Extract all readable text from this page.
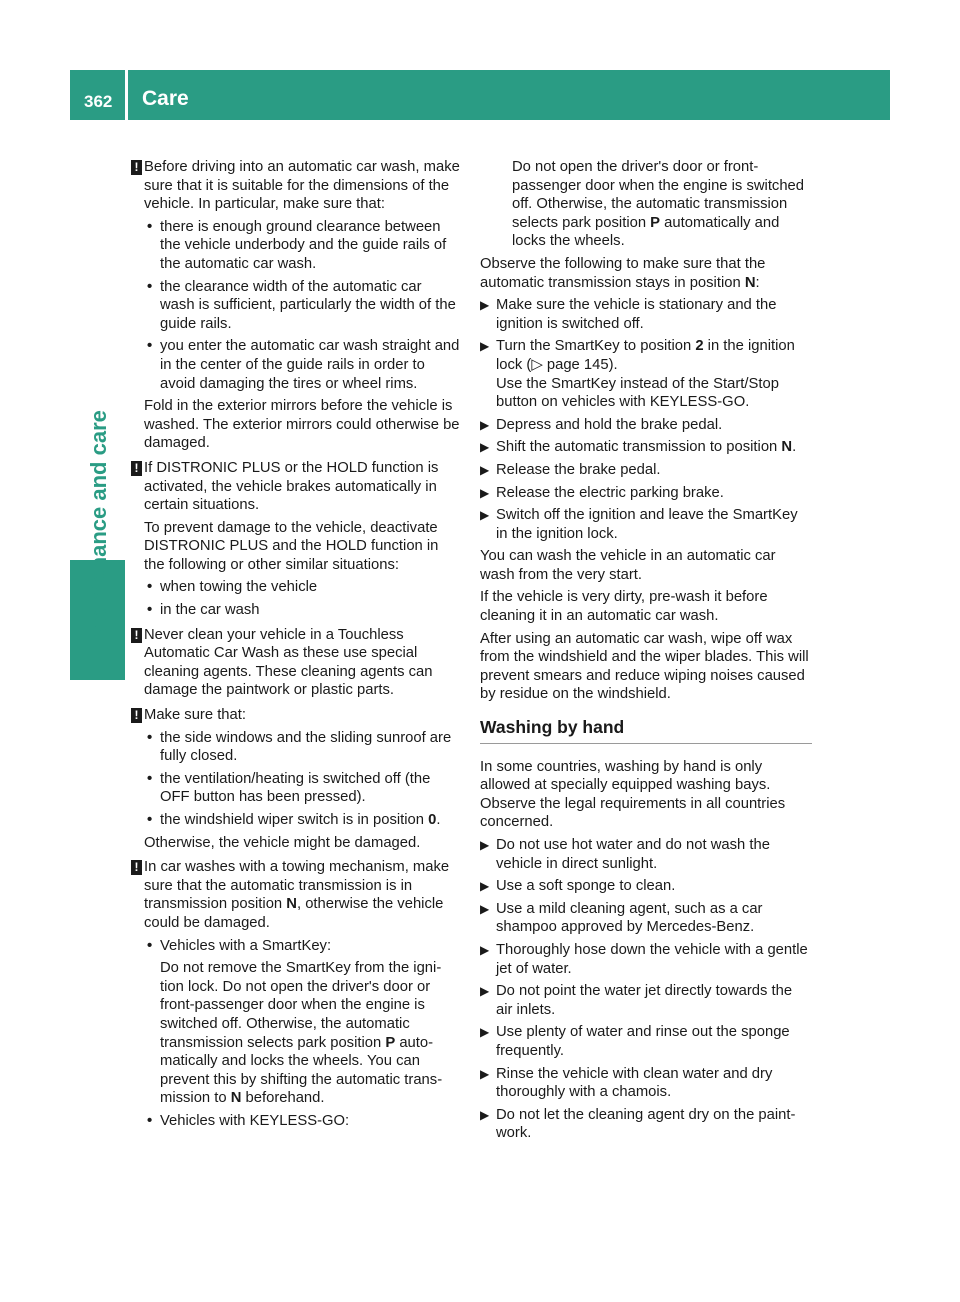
362 Care
Maintenance and care
! Before driving into an automatic car wash, make sure that it is suitable for the dimensions of the vehicle. In particular, make sure that:
• there is enough ground clearance between the vehicle underbody and the guide rails of the automatic car wash.
• the clearance width of the automatic car wash is sufficient, particularly the width of the guide rails.
• you enter the automatic car wash straight and in the center of the guide rails in order to avoid damaging the tires or wheel rims.

Fold in the exterior mirrors before the vehicle is washed. The exterior mirrors could otherwise be damaged.

! If DISTRONIC PLUS or the HOLD function is activated, the vehicle brakes automatically in certain situations.

To prevent damage to the vehicle, deactivate DISTRONIC PLUS and the HOLD function in the following or other similar situations:

• when towing the vehicle
• in the car wash
! Never clean your vehicle in a Touchless Automatic Car Wash as these use special cleaning agents. These cleaning agents can damage the paintwork or plastic parts.
! Make sure that:
• the side windows and the sliding sunroof are fully closed.
• the ventilation/heating is switched off (the OFF button has been pressed).
• the windshield wiper switch is in position 0.

Otherwise, the vehicle might be damaged.

! In car washes with a towing mechanism, make sure that the automatic transmission is in transmission position N, otherwise the vehicle could be damaged.
• Vehicles with a SmartKey:

Do not remove the SmartKey from the ignition lock. Do not open the driver's door or front-passenger door when the engine is switched off. Otherwise, the automatic transmission selects park position P automatically and locks the wheels. You can prevent this by shifting the automatic transmission to N beforehand.

• Vehicles with KEYLESS-GO:

Do not open the driver's door or front-passenger door when the engine is switched off. Otherwise, the automatic transmission selects park position P automatically and locks the wheels.

Observe the following to make sure that the automatic transmission stays in position N:

▶ Make sure the vehicle is stationary and the ignition is switched off.
▶ Turn the SmartKey to position 2 in the ignition lock (▷ page 145).
Use the SmartKey instead of the Start/Stop button on vehicles with KEYLESS-GO.
▶ Depress and hold the brake pedal.
▶ Shift the automatic transmission to position N.
▶ Release the brake pedal.
▶ Release the electric parking brake.
▶ Switch off the ignition and leave the SmartKey in the ignition lock.

You can wash the vehicle in an automatic car wash from the very start.

If the vehicle is very dirty, pre-wash it before cleaning it in an automatic car wash.

After using an automatic car wash, wipe off wax from the windshield and the wiper blades. This will prevent smears and reduce wiping noises caused by residue on the windshield.

Washing by hand

In some countries, washing by hand is only allowed at specially equipped washing bays. Observe the legal requirements in all countries concerned.

▶ Do not use hot water and do not wash the vehicle in direct sunlight.
▶ Use a soft sponge to clean.
▶ Use a mild cleaning agent, such as a car shampoo approved by Mercedes-Benz.
▶ Thoroughly hose down the vehicle with a gentle jet of water.
▶ Do not point the water jet directly towards the air inlets.
▶ Use plenty of water and rinse out the sponge frequently.
▶ Rinse the vehicle with clean water and dry thoroughly with a chamois.
▶ Do not let the cleaning agent dry on the paintwork.
